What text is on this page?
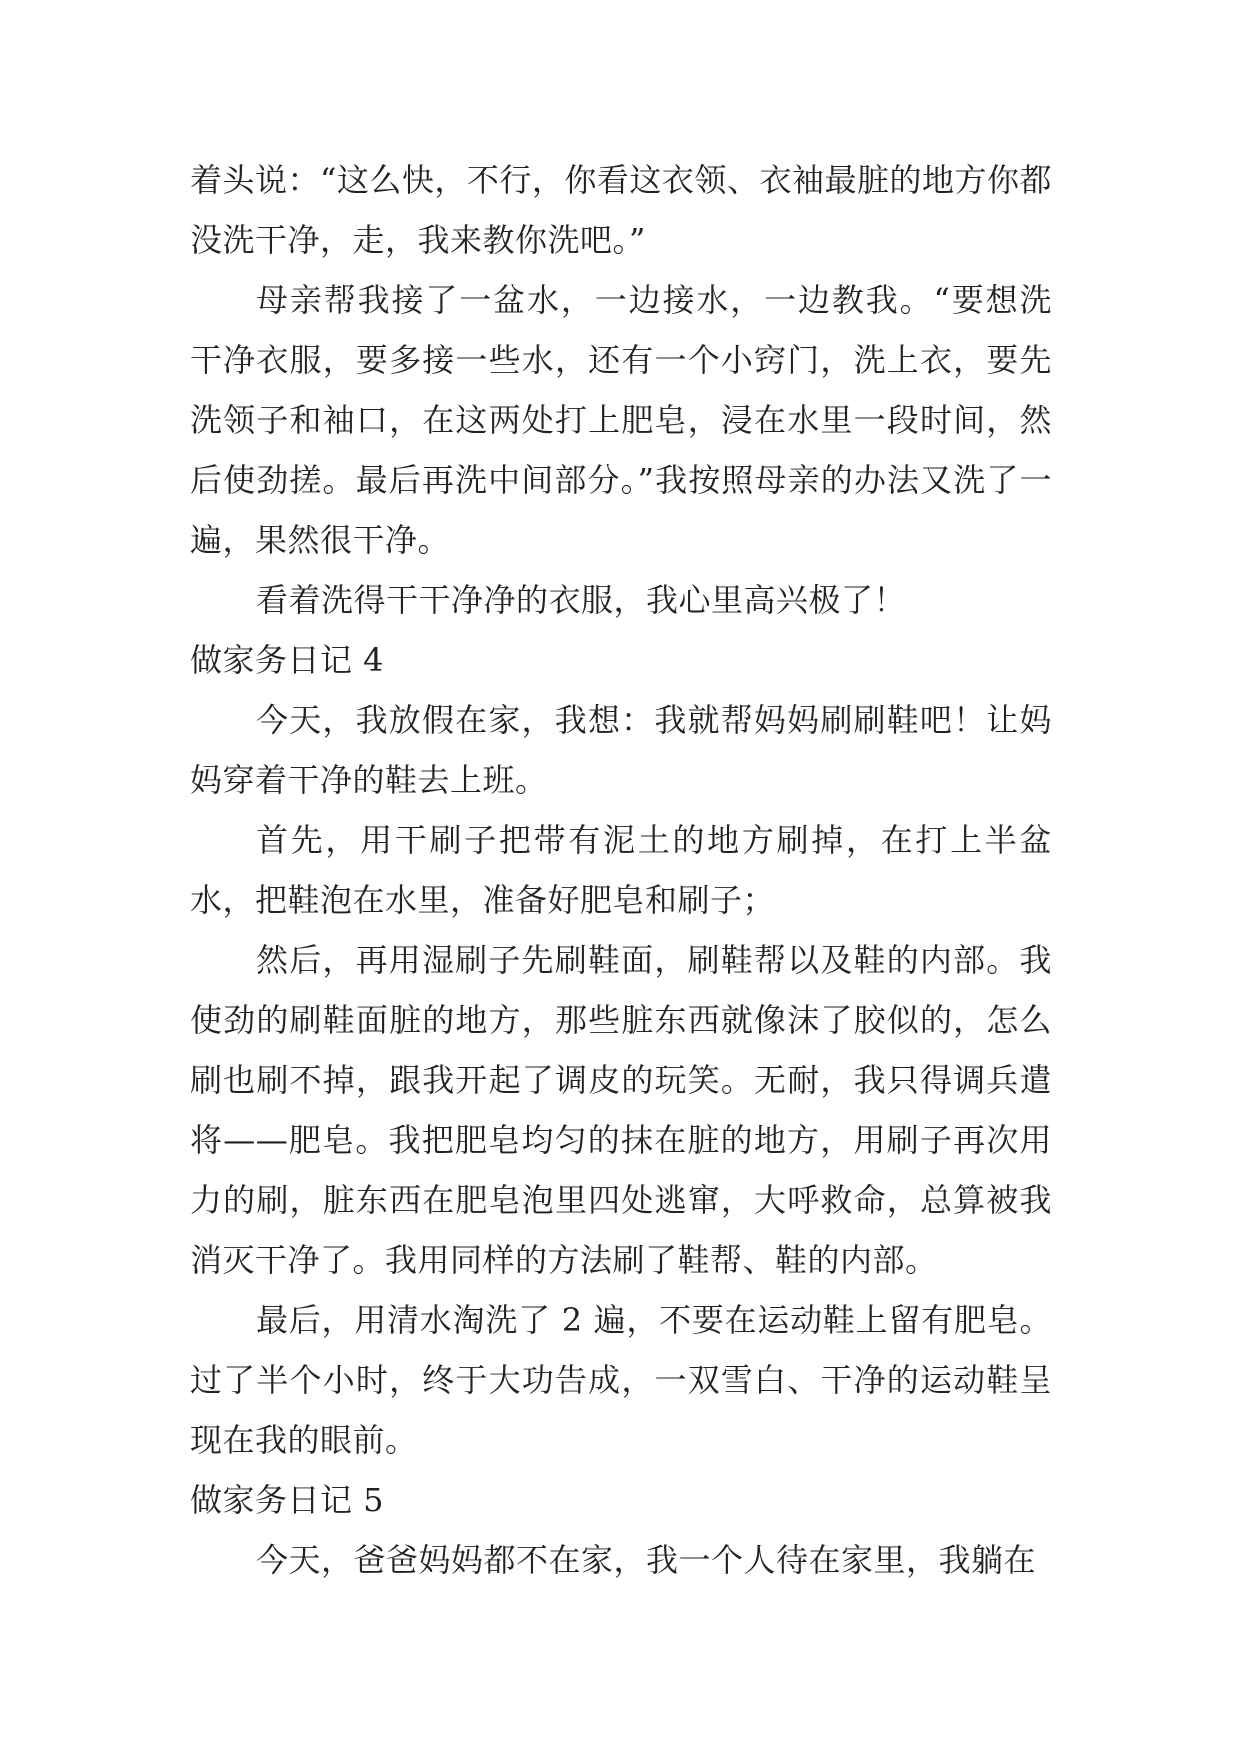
着头说：“这么快，不行，你看这衣领、衣袖最脏的地方你都没洗干净，走，我来教你洗吧。”

母亲帮我接了一盆水，一边接水，一边教我。“要想洗干净衣服，要多接一些水，还有一个小窍门，洗上衣，要先洗领子和袖口，在这两处打上肥皂，浸在水里一段时间，然后使劲搓。最后再洗中间部分。”我按照母亲的办法又洗了一遍，果然很干净。

看着洗得干干净净的衣服，我心里高兴极了！

做家务日记 4

今天，我放假在家，我想：我就帮妈妈刷刷鞋吧！让妈妈穿着干净的鞋去上班。

首先，用干刷子把带有泥土的地方刷掉，在打上半盆水，把鞋泡在水里，准备好肥皂和刷子；

然后，再用湿刷子先刷鞋面，刷鞋帮以及鞋的内部。我使劲的刷鞋面脏的地方，那些脏东西就像沫了胶似的，怎么刷也刷不掉，跟我开起了调皮的玩笑。无耐，我只得调兵遣将——肥皂。我把肥皂均匀的抹在脏的地方，用刷子再次用力的刷，脏东西在肥皂泡里四处逃窜，大呼救命，总算被我消灭干净了。我用同样的方法刷了鞋帮、鞋的内部。

最后，用清水淘洗了 2 遍，不要在运动鞋上留有肥皂。过了半个小时，终于大功告成，一双雪白、干净的运动鞋呈现在我的眼前。

做家务日记 5

今天，爸爸妈妈都不在家，我一个人待在家里，我躺在
